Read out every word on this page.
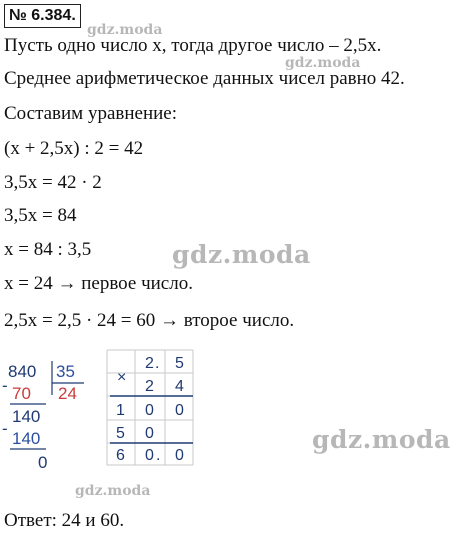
№ 6.384.
Пусть одно число x, тогда другое число – 2,5x.
Среднее арифметическое данных чисел равно 42.
Составим уравнение:
(x + 2,5x) : 2 = 42
3,5x = 42 · 2
3,5x = 84
x = 84 : 3,5
x = 24 → первое число.
2,5x = 2,5 · 24 = 60 → второе число.
840 35
24
- 70
140
-
140
0
×
2 . 5
2 4
1 0 0
5 0
6 0 . 0
Ответ: 24 и 60.
gdz.moda
gdz.moda
gdz.moda
gdz.moda
gdz.moda
